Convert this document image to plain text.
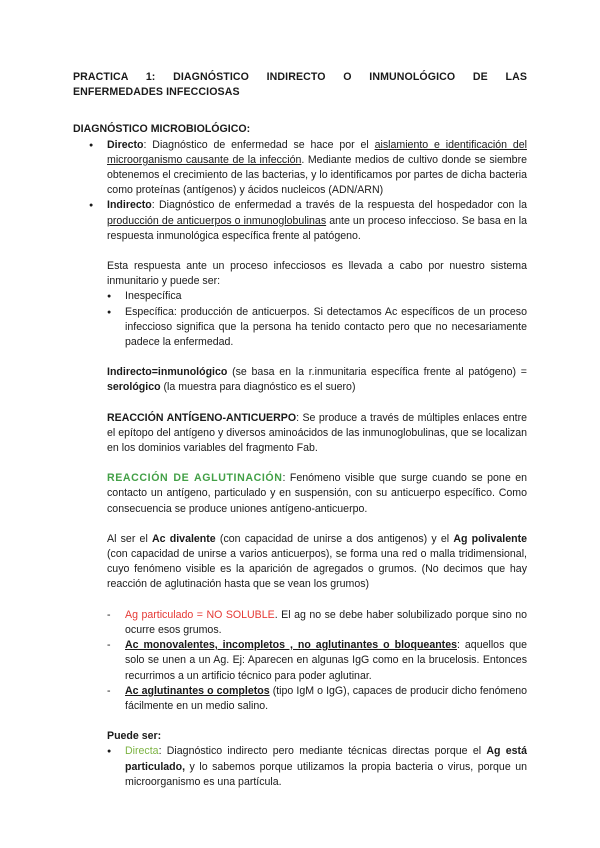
PRACTICA 1: DIAGNÓSTICO INDIRECTO O INMUNOLÓGICO DE LAS
ENFERMEDADES INFECCIOSAS

DIAGNÓSTICO MICROBIOLÓGICO:

● Directo: Diagnóstico de enfermedad se hace por el aislamiento e identificación del microorganismo causante de la infección. Mediante medios de cultivo donde se siembre obtenemos el crecimiento de las bacterias, y lo identificamos por partes de dicha bacteria como proteínas (antígenos) y ácidos nucleicos (ADN/ARN)
● Indirecto: Diagnóstico de enfermedad a través de la respuesta del hospedador con la producción de anticuerpos o inmunoglobulinas ante un proceso infeccioso. Se basa en la respuesta inmunológica específica frente al patógeno.

Esta respuesta ante un proceso infecciosos es llevada a cabo por nuestro sistema inmunitario y puede ser:

● Inespecífica
● Específica: producción de anticuerpos. Si detectamos Ac específicos de un proceso infeccioso significa que la persona ha tenido contacto pero que no necesariamente padece la enfermedad.

Indirecto=inmunológico (se basa en la r.inmunitaria específica frente al patógeno) = serológico (la muestra para diagnóstico es el suero)

REACCIÓN ANTÍGENO-ANTICUERPO: Se produce a través de múltiples enlaces entre el epítopo del antígeno y diversos aminoácidos de las inmunoglobulinas, que se localizan en los dominios variables del fragmento Fab.

REACCIÓN DE AGLUTINACIÓN: Fenómeno visible que surge cuando se pone en contacto un antígeno, particulado y en suspensión, con su anticuerpo específico. Como consecuencia se produce uniones antígeno-anticuerpo.

Al ser el Ac divalente (con capacidad de unirse a dos antigenos) y el Ag polivalente (con capacidad de unirse a varios anticuerpos), se forma una red o malla tridimensional, cuyo fenómeno visible es la aparición de agregados o grumos. (No decimos que hay reacción de aglutinación hasta que se vean los grumos)

- Ag particulado = NO SOLUBLE. El ag no se debe haber solubilizado porque sino no ocurre esos grumos.
- Ac monovalentes, incompletos , no aglutinantes o bloqueantes: aquellos que solo se unen a un Ag. Ej: Aparecen en algunas IgG como en la brucelosis. Entonces recurrimos a un artificio técnico para poder aglutinar.
- Ac aglutinantes o completos (tipo IgM o IgG), capaces de producir dicho fenómeno fácilmente en un medio salino.

Puede ser:

● Directa: Diagnóstico indirecto pero mediante técnicas directas porque el Ag está particulado, y lo sabemos porque utilizamos la propia bacteria o virus, porque un microorganismo es una partícula.
